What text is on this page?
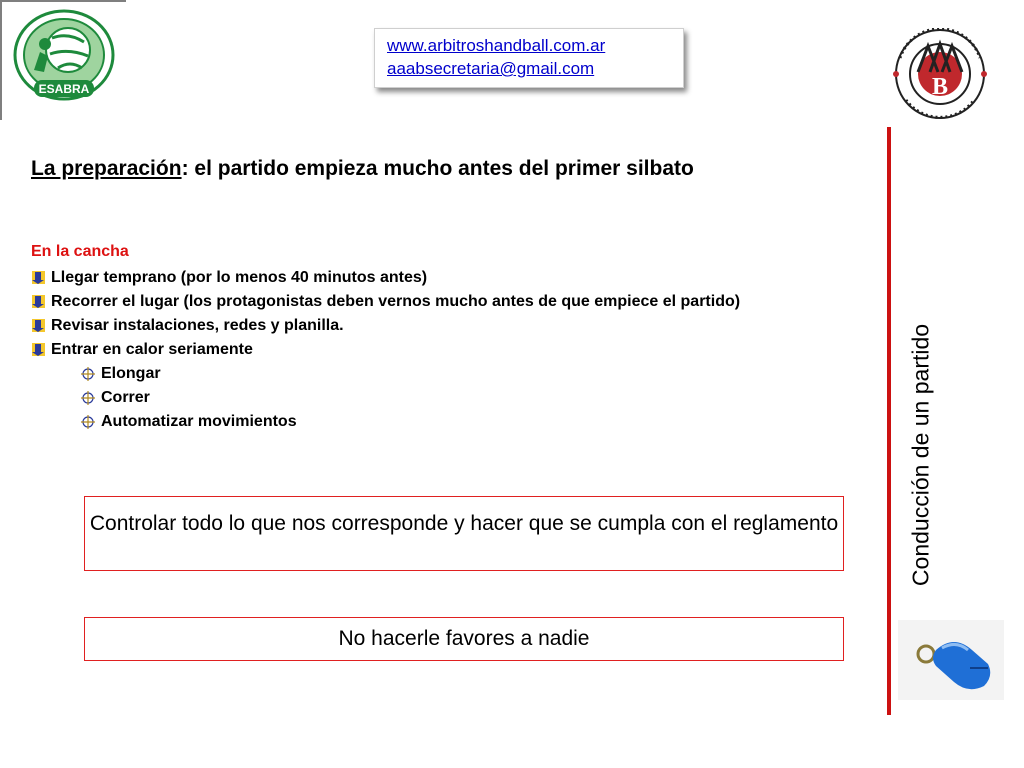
ESABRA
www.arbitroshandball.com.ar
aaabsecretaria@gmail.com
B
Conducción de un partido
La preparación: el partido empieza mucho antes del primer silbato
En la cancha
Llegar temprano (por lo menos 40 minutos antes)
Recorrer el lugar (los protagonistas deben vernos mucho antes de que empiece el partido)
Revisar instalaciones, redes y planilla.
Entrar en calor seriamente
Elongar
Correr
Automatizar movimientos
Controlar todo lo que nos corresponde y hacer que se cumpla con el reglamento
No hacerle favores a nadie
